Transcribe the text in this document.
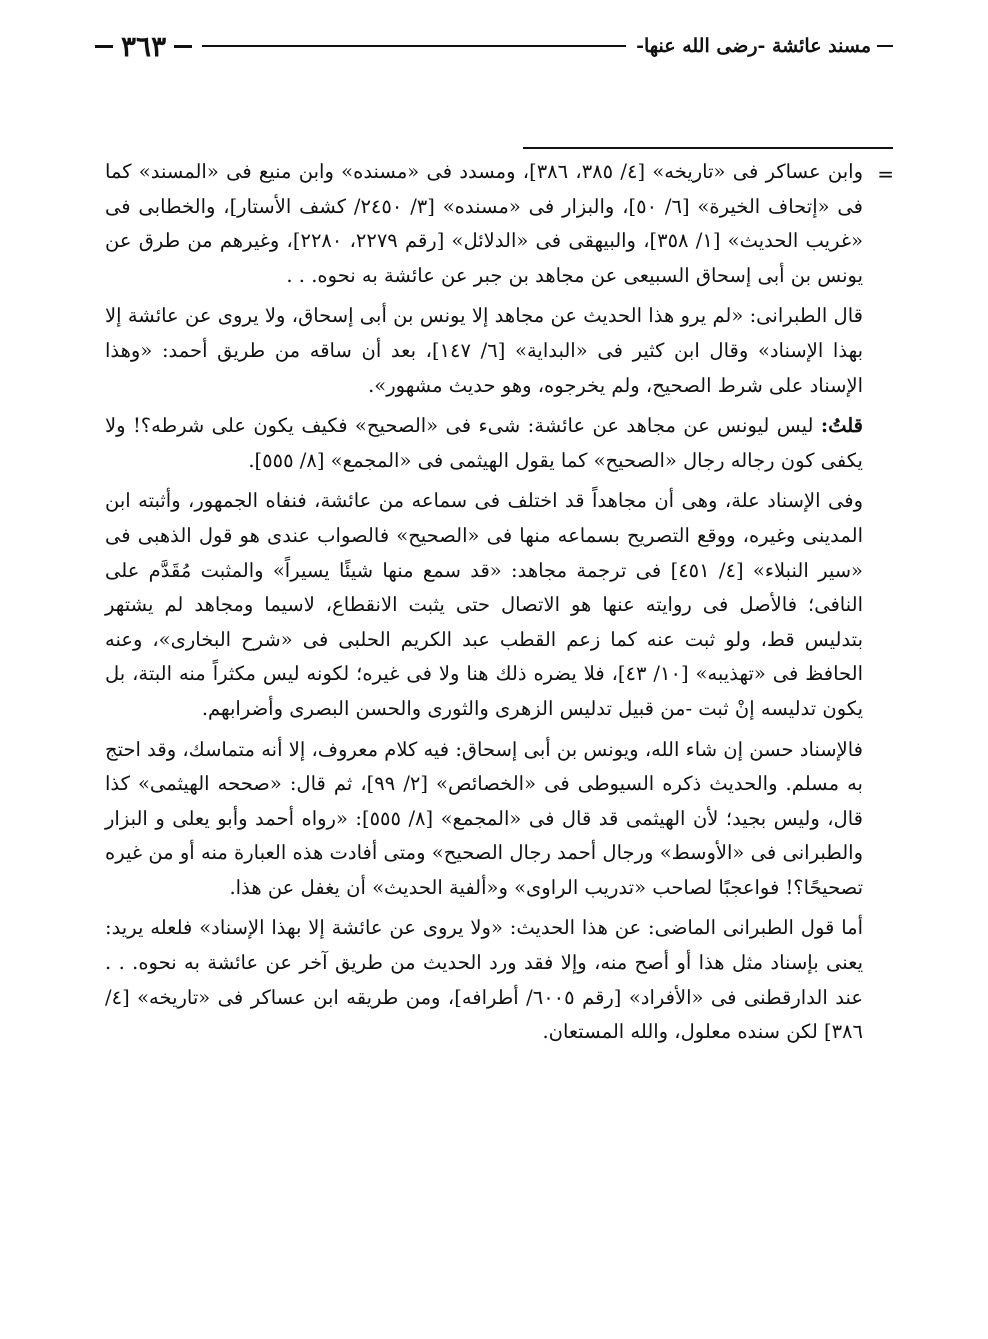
٣٦٣	مسند عائشة -رضى الله عنها-
=

وابن عساكر فى «تاريخه» [٤/ ٣٨٥، ٣٨٦]، ومسدد فى «مسنده» وابن منيع فى «المسند» كما فى «إتحاف الخيرة» [٦/ ٥٠]، والبزار فى «مسنده» [٣/ ٢٤٥٠/ كشف الأستار]، والخطابى فى «غريب الحديث» [١/ ٣٥٨]، والبيهقى فى «الدلائل» [رقم ٢٢٧٩، ٢٢٨٠]، وغيرهم من طرق عن يونس بن أبى إسحاق السبيعى عن مجاهد بن جبر عن عائشة به نحوه. . .

قال الطبرانى: «لم يرو هذا الحديث عن مجاهد إلا يونس بن أبى إسحاق، ولا يروى عن عائشة إلا بهذا الإسناد» وقال ابن كثير فى «البداية» [٦/ ١٤٧]، بعد أن ساقه من طريق أحمد: «وهذا الإسناد على شرط الصحيح، ولم يخرجوه، وهو حديث مشهور».

قلتُ: ليس ليونس عن مجاهد عن عائشة: شىء فى «الصحيح» فكيف يكون على شرطه؟! ولا يكفى كون رجاله رجال «الصحيح» كما يقول الهيثمى فى «المجمع» [٨/ ٥٥٥].

وفى الإسناد علة، وهى أن مجاهداً قد اختلف فى سماعه من عائشة، فنفاه الجمهور، وأثبته ابن المدينى وغيره، ووقع التصريح بسماعه منها فى «الصحيح» فالصواب عندى هو قول الذهبى فى «سير النبلاء» [٤/ ٤٥١] فى ترجمة مجاهد: «قد سمع منها شيئًا يسيراً» والمثبت مُقَدَّم على النافى؛ فالأصل فى روايته عنها هو الاتصال حتى يثبت الانقطاع، لاسيما ومجاهد لم يشتهر بتدليس قط، ولو ثبت عنه كما زعم القطب عبد الكريم الحلبى فى «شرح البخارى»، وعنه الحافظ فى «تهذيبه» [١٠/ ٤٣]، فلا يضره ذلك هنا ولا فى غيره؛ لكونه ليس مكثراً منه البتة، بل يكون تدليسه إنْ ثبت -من قبيل تدليس الزهرى والثورى والحسن البصرى وأضرابهم.

فالإسناد حسن إن شاء الله، ويونس بن أبى إسحاق: فيه كلام معروف، إلا أنه متماسك، وقد احتج به مسلم. والحديث ذكره السيوطى فى «الخصائص» [٢/ ٩٩]، ثم قال: «صححه الهيثمى» كذا قال، وليس بجيد؛ لأن الهيثمى قد قال فى «المجمع» [٨/ ٥٥٥]: «رواه أحمد وأبو يعلى و البزار والطبرانى فى «الأوسط» ورجال أحمد رجال الصحيح» ومتى أفادت هذه العبارة منه أو من غيره تصحيحًا؟! فواعجبًا لصاحب «تدريب الراوى» و«ألفية الحديث» أن يغفل عن هذا.

أما قول الطبرانى الماضى: عن هذا الحديث: «ولا يروى عن عائشة إلا بهذا الإسناد» فلعله يريد: يعنى بإسناد مثل هذا أو أصح منه، وإلا فقد ورد الحديث من طريق آخر عن عائشة به نحوه. . . عند الدارقطنى فى «الأفراد» [رقم ٦٠٠٥/ أطرافه]، ومن طريقه ابن عساكر فى «تاريخه» [٤/ ٣٨٦] لكن سنده معلول، والله المستعان.
